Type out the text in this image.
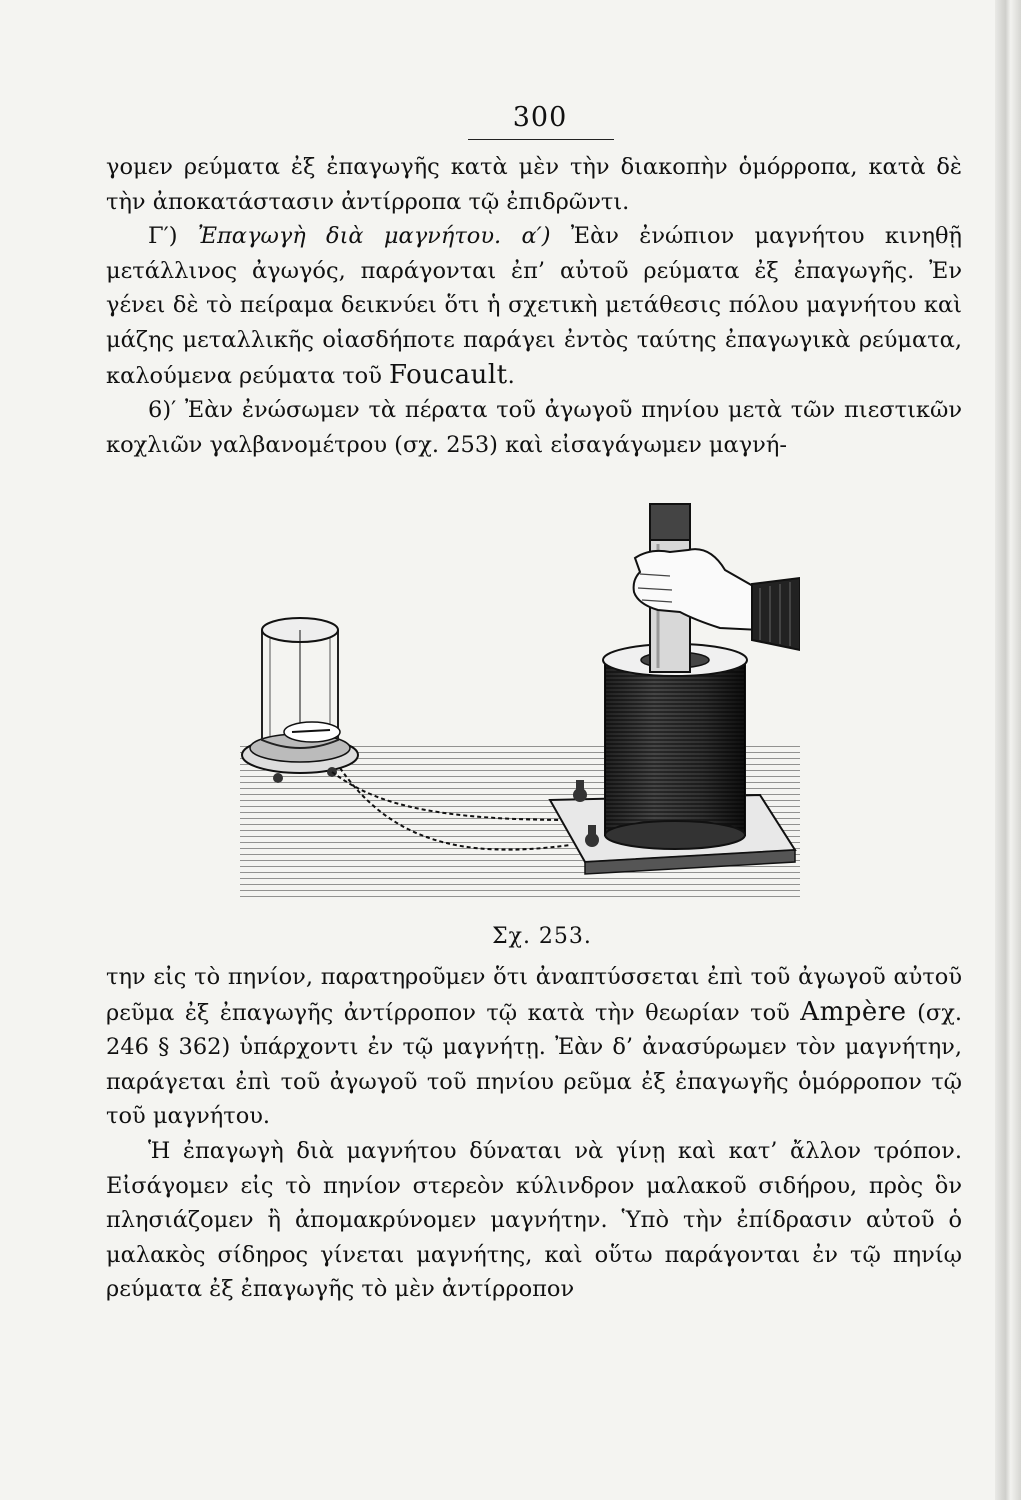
300

γομεν ρεύματα ἐξ ἐπαγωγῆς κατὰ μὲν τὴν διακοπὴν ὁμόρροπα, κατὰ δὲ τὴν ἀποκατάστασιν ἀντίρροπα τῷ ἐπιδρῶντι.

Γ′) Ἐπαγωγὴ διὰ μαγνήτου. α′) Ἐὰν ἐνώπιον μαγνήτου κινηθῇ μετάλλινος ἀγωγός, παράγονται ἐπ’ αὐτοῦ ρεύματα ἐξ ἐπαγωγῆς. Ἐν γένει δὲ τὸ πείραμα δεικνύει ὅτι ἡ σχετικὴ μετάθεσις πόλου μαγνήτου καὶ μάζης μεταλλικῆς οἱασδήποτε παράγει ἐντὸς ταύτης ἐπαγωγικὰ ρεύματα, καλούμενα ρεύματα τοῦ Foucault.

6)′ Ἐὰν ἐνώσωμεν τὰ πέρατα τοῦ ἀγωγοῦ πηνίου μετὰ τῶν πιεστικῶν κοχλιῶν γαλβανομέτρου (σχ. 253) καὶ εἰσαγάγωμεν μαγνή-

Σχ. 253.

την εἰς τὸ πηνίον, παρατηροῦμεν ὅτι ἀναπτύσσεται ἐπὶ τοῦ ἀγωγοῦ αὐτοῦ ρεῦμα ἐξ ἐπαγωγῆς ἀντίρροπον τῷ κατὰ τὴν θεωρίαν τοῦ Ampère (σχ. 246 § 362) ὑπάρχοντι ἐν τῷ μαγνήτῃ. Ἐὰν δ’ ἀνασύρωμεν τὸν μαγνήτην, παράγεται ἐπὶ τοῦ ἀγωγοῦ τοῦ πηνίου ρεῦμα ἐξ ἐπαγωγῆς ὁμόρροπον τῷ τοῦ μαγνήτου.

Ἡ ἐπαγωγὴ διὰ μαγνήτου δύναται νὰ γίνῃ καὶ κατ’ ἄλλον τρόπον. Εἰσάγομεν εἰς τὸ πηνίον στερεὸν κύλινδρον μαλακοῦ σιδήρου, πρὸς ὃν πλησιάζομεν ἢ ἀπομακρύνομεν μαγνήτην. Ὑπὸ τὴν ἐπίδρασιν αὐτοῦ ὁ μαλακὸς σίδηρος γίνεται μαγνήτης, καὶ οὕτω παράγονται ἐν τῷ πηνίῳ ρεύματα ἐξ ἐπαγωγῆς τὸ μὲν ἀντίρροπον
